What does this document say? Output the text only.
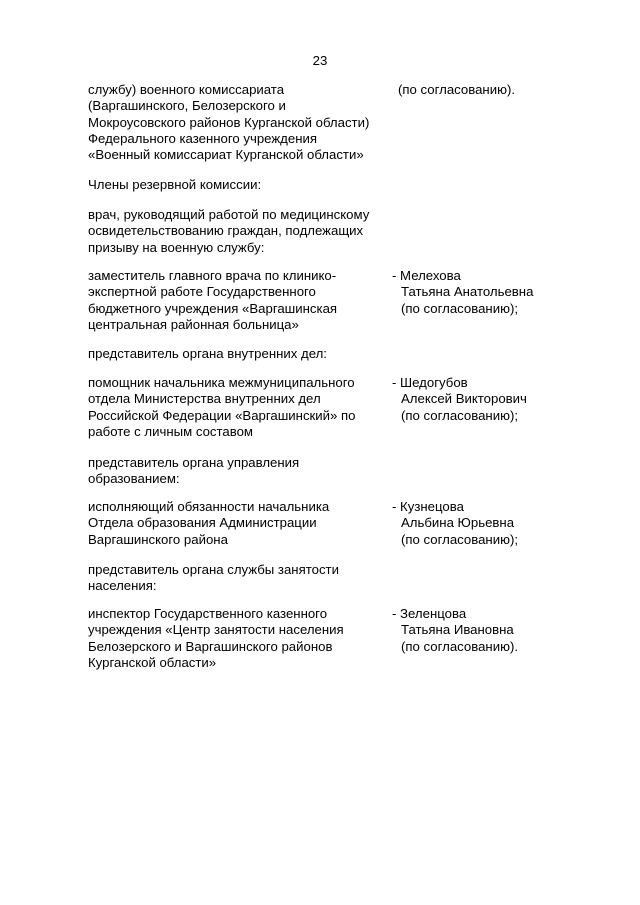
23
службу) военного комиссариата
(Варгашинского, Белозерского и
Мокроусовского районов Курганской области)
Федерального казенного учреждения
«Военный комиссариат Курганской области»
(по согласованию).
Члены резервной комиссии:
врач, руководящий работой по медицинскому
освидетельствованию граждан, подлежащих
призыву на военную службу:
заместитель главного врача по клинико-
экспертной работе Государственного
бюджетного учреждения «Варгашинская
центральная районная больница»
- Мелехова
Татьяна Анатольевна
(по согласованию);
представитель органа внутренних дел:
помощник начальника межмуниципального
отдела Министерства внутренних дел
Российской Федерации «Варгашинский» по
работе с личным составом
- Шедогубов
Алексей Викторович
(по согласованию);
представитель органа управления
образованием:
исполняющий обязанности начальника
Отдела образования Администрации
Варгашинского района
- Кузнецова
Альбина Юрьевна
(по согласованию);
представитель органа службы занятости
населения:
инспектор Государственного казенного
учреждения «Центр занятости населения
Белозерского и Варгашинского районов
Курганской области»
- Зеленцова
Татьяна Ивановна
(по согласованию).
